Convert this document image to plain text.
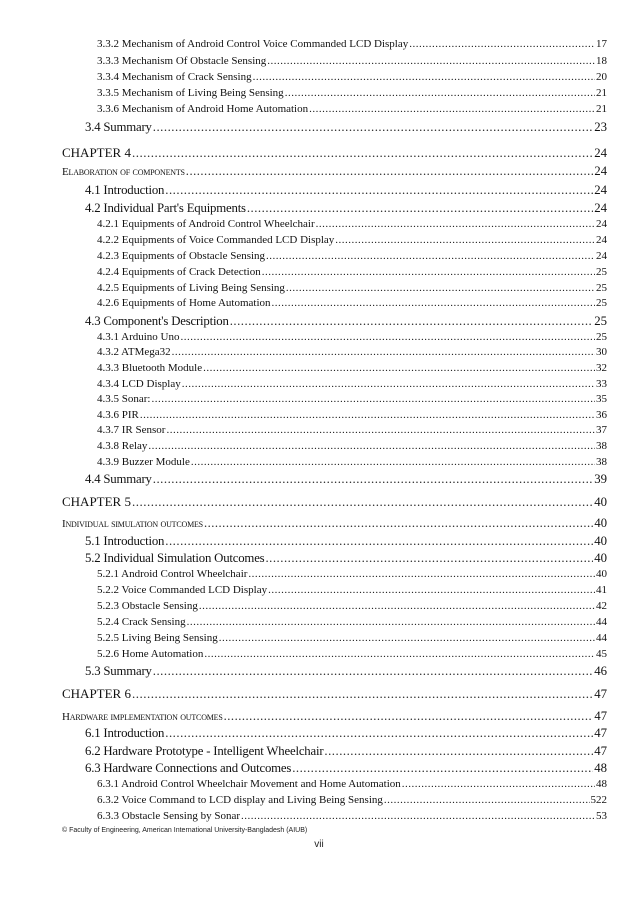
3.3.2 Mechanism of Android Control Voice Commanded LCD Display .....	17
3.3.3 Mechanism Of Obstacle Sensing .....	18
3.3.4 Mechanism of Crack Sensing .....	20
3.3.5 Mechanism of Living Being Sensing .....	21
3.3.6 Mechanism of Android Home Automation .....	21
3.4 Summary .....	23
CHAPTER 4 .....	24
Elaboration of components .....	24
4.1 Introduction .....	24
4.2 Individual Part's Equipments .....	24
4.2.1 Equipments of Android Control Wheelchair .....	24
4.2.2 Equipments of Voice Commanded LCD Display .....	24
4.2.3 Equipments of Obstacle Sensing .....	24
4.2.4 Equipments of Crack Detection .....	25
4.2.5 Equipments of Living Being Sensing .....	25
4.2.6 Equipments of Home Automation .....	25
4.3 Component's Description .....	25
4.3.1 Arduino Uno .....	25
4.3.2 ATMega32 .....	30
4.3.3 Bluetooth Module .....	32
4.3.4 LCD Display .....	33
4.3.5 Sonar: .....	35
4.3.6 PIR .....	36
4.3.7 IR Sensor .....	37
4.3.8 Relay .....	38
4.3.9 Buzzer Module .....	38
4.4 Summary .....	39
CHAPTER 5 .....	40
Individual simulation outcomes .....	40
5.1 Introduction .....	40
5.2 Individual Simulation Outcomes .....	40
5.2.1 Android Control Wheelchair .....	40
5.2.2 Voice Commanded LCD Display .....	41
5.2.3 Obstacle Sensing .....	42
5.2.4 Crack Sensing .....	44
5.2.5 Living Being Sensing .....	44
5.2.6 Home Automation .....	45
5.3 Summary .....	46
CHAPTER 6 .....	47
Hardware implementation outcomes .....	47
6.1 Introduction .....	47
6.2 Hardware Prototype - Intelligent Wheelchair .....	47
6.3 Hardware Connections and Outcomes .....	48
6.3.1 Android Control Wheelchair Movement and Home Automation .....	48
6.3.2 Voice Command to LCD display and Living Being Sensing .....	522
6.3.3 Obstacle Sensing by Sonar .....	53
© Faculty of Engineering, American International University-Bangladesh (AIUB)
vii
